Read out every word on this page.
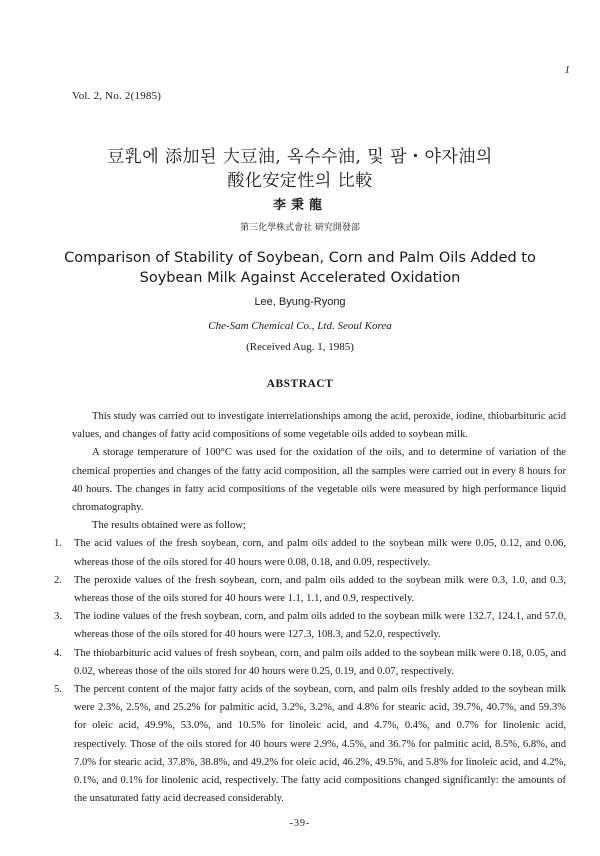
1
Vol. 2, No. 2(1985)
豆乳에 添加된 大豆油, 옥수수油, 및 팜・야자油의
酸化安定性의 比較
李秉龍
第三化學株式會社 研究開發部
Comparison of Stability of Soybean, Corn and Palm Oils Added to
Soybean Milk Against Accelerated Oxidation
Lee, Byung-Ryong
Che-Sam Chemical Co., Ltd. Seoul Korea
(Received Aug. 1, 1985)
ABSTRACT

This study was carried out to investigate interrelationships among the acid, peroxide, iodine, thiobarbituric acid values, and changes of fatty acid compositions of some vegetable oils added to soybean milk.

A storage temperature of 100°C was used for the oxidation of the oils, and to determine of variation of the chemical properties and changes of the fatty acid composition, all the samples were carried out in every 8 hours for 40 hours. The changes in fatty acid compositions of the vegetable oils were measured by high performance liquid chromatography.

The results obtained were as follow;

1. The acid values of the fresh soybean, corn, and palm oils added to the soybean milk were 0.05, 0.12, and 0.06, whereas those of the oils stored for 40 hours were 0.08, 0.18, and 0.09, respectively.
2. The peroxide values of the fresh soybean, corn, and palm oils added to the soybean milk were 0.3, 1.0, and 0.3, whereas those of the oils stored for 40 hours were 1.1, 1.1, and 0.9, respectively.
3. The iodine values of the fresh soybean, corn, and palm oils added to the soybean milk were 132.7, 124.1, and 57.0, whereas those of the oils stored for 40 hours were 127.3, 108.3, and 52.0, respectively.
4. The thiobarbituric acid values of fresh soybean, corn, and palm oils added to the soybean milk were 0.18, 0.05, and 0.02, whereas those of the oils stored for 40 hours were 0.25, 0.19, and 0.07, respectively.
5. The percent content of the major fatty acids of the soybean, corn, and palm oils freshly added to the soybean milk were 2.3%, 2.5%, and 25.2% for palmitic acid, 3.2%, 3.2%, and 4.8% for stearic acid, 39.7%, 40.7%, and 59.3% for oleic acid, 49.9%, 53.0%, and 10.5% for linoleic acid, and 4.7%, 0.4%, and 0.7% for linolenic acid, respectively. Those of the oils stored for 40 hours were 2.9%, 4.5%, and 36.7% for palmitic acid, 8.5%, 6.8%, and 7.0% for stearic acid, 37.8%, 38.8%, and 49.2% for oleic acid, 46.2%, 49.5%, and 5.8% for linoleic acid, and 4.2%, 0.1%, and 0.1% for linolenic acid, respectively. The fatty acid compositions changed significantly: the amounts of the unsaturated fatty acid decreased considerably.
-39-
